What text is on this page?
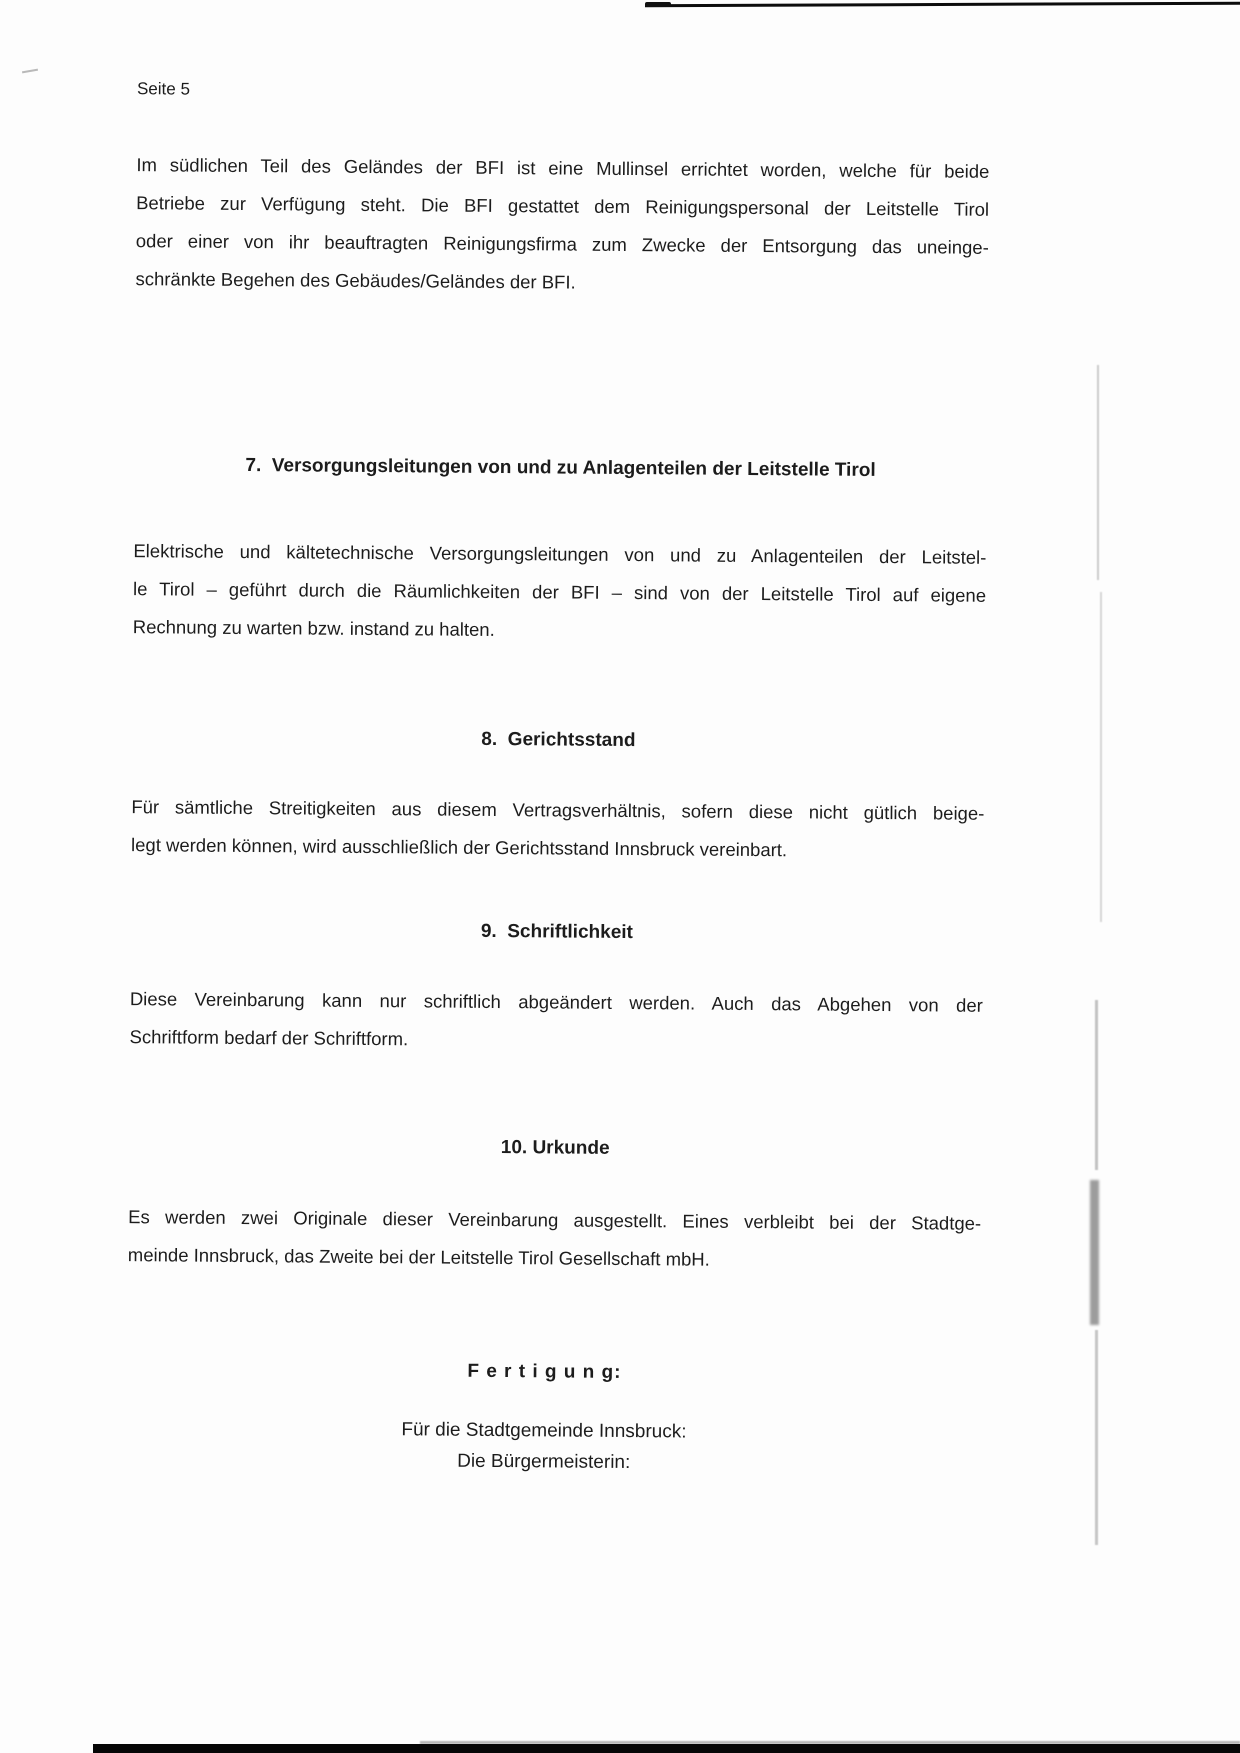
Seite 5
Im südlichen Teil des Geländes der BFI ist eine Mullinsel errichtet worden, welche für beide
Betriebe zur Verfügung steht. Die BFI gestattet dem Reinigungspersonal der Leitstelle Tirol
oder einer von ihr beauftragten Reinigungsfirma zum Zwecke der Entsorgung das uneinge-
schränkte Begehen des Gebäudes/Geländes der BFI.
7.  Versorgungsleitungen von und zu Anlagenteilen der Leitstelle Tirol
Elektrische und kältetechnische Versorgungsleitungen von und zu Anlagenteilen der Leitstel-
le Tirol – geführt durch die Räumlichkeiten der BFI – sind von der Leitstelle Tirol auf eigene
Rechnung zu warten bzw. instand zu halten.
8.  Gerichtsstand
Für sämtliche Streitigkeiten aus diesem Vertragsverhältnis, sofern diese nicht gütlich beige-
legt werden können, wird ausschließlich der Gerichtsstand Innsbruck vereinbart.
9.  Schriftlichkeit
Diese Vereinbarung kann nur schriftlich abgeändert werden. Auch das Abgehen von der
Schriftform bedarf der Schriftform.
10. Urkunde
Es werden zwei Originale dieser Vereinbarung ausgestellt. Eines verbleibt bei der Stadtge-
meinde Innsbruck, das Zweite bei der Leitstelle Tirol Gesellschaft mbH.
F e r t i g u n g:
Für die Stadtgemeinde Innsbruck:
Die Bürgermeisterin:
